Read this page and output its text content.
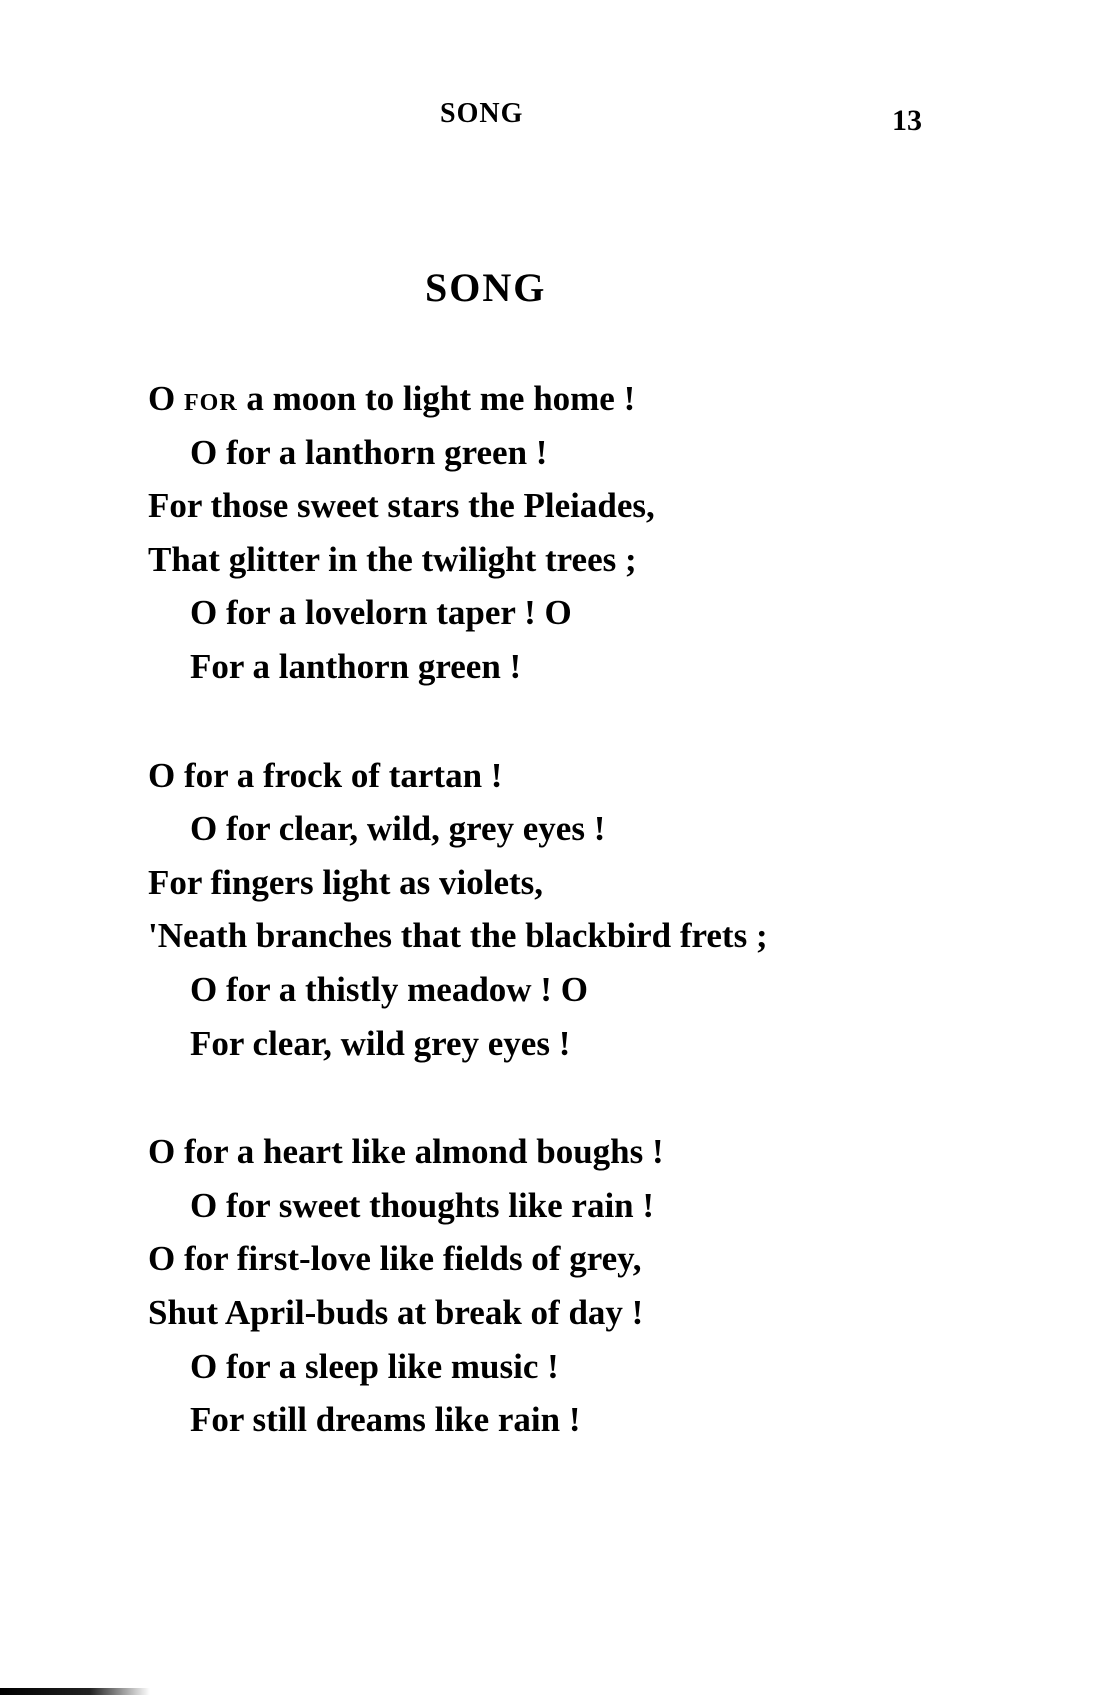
SONG	13
SONG
O FOR a moon to light me home !
O for a lanthorn green !
For those sweet stars the Pleiades,
That glitter in the twilight trees ;
O for a lovelorn taper ! O
For a lanthorn green !
O for a frock of tartan !
O for clear, wild, grey eyes !
For fingers light as violets,
'Neath branches that the blackbird frets ;
O for a thistly meadow ! O
For clear, wild grey eyes !
O for a heart like almond boughs !
O for sweet thoughts like rain !
O for first-love like fields of grey,
Shut April-buds at break of day !
O for a sleep like music !
For still dreams like rain !
